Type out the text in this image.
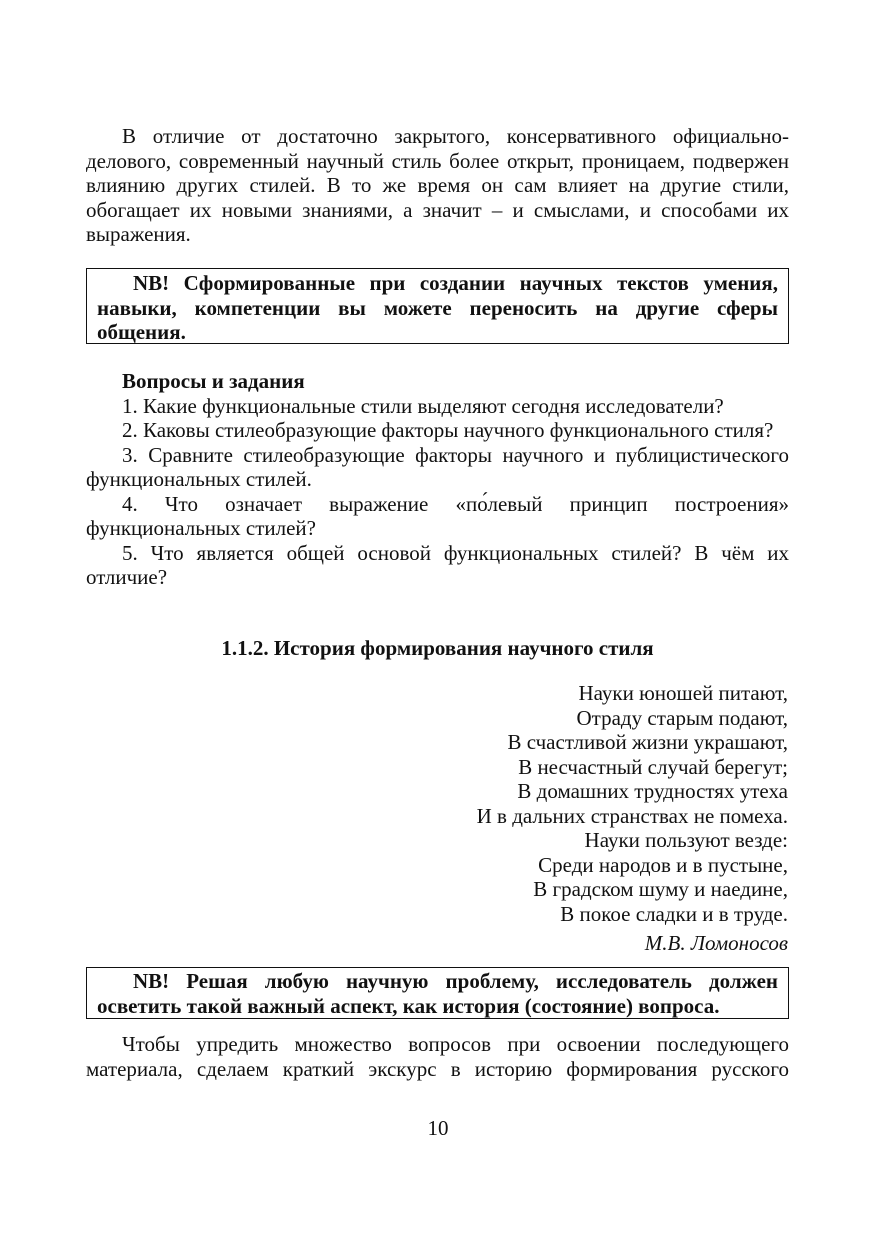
В отличие от достаточно закрытого, консервативного официально-делового, современный научный стиль более открыт, проницаем, подвержен влиянию других стилей. В то же время он сам влияет на другие стили, обогащает их новыми знаниями, а значит – и смыслами, и способами их выражения.

NB! Сформированные при создании научных текстов умения, навыки, компетенции вы можете переносить на другие сферы общения.

Вопросы и задания

1. Какие функциональные стили выделяют сегодня исследователи?

2. Каковы стилеобразующие факторы научного функционального стиля?

3. Сравните стилеобразующие факторы научного и публицистического функциональных стилей.

4. Что означает выражение «по́левый принцип построения» функциональных стилей?

5. Что является общей основой функциональных стилей? В чём их отличие?

1.1.2. История формирования научного стиля
Науки юношей питают,
Отраду старым подают,
В счастливой жизни украшают,
В несчастный случай берегут;
В домашних трудностях утеха
И в дальних странствах не помеха.
Науки пользуют везде:
Среди народов и в пустыне,
В градском шуму и наедине,
В покое сладки и в труде.
М.В. Ломоносов

NB! Решая любую научную проблему, исследователь должен осветить такой важный аспект, как история (состояние) вопроса.

Чтобы упредить множество вопросов при освоении последующего материала, сделаем краткий экскурс в историю формирования русского

10
